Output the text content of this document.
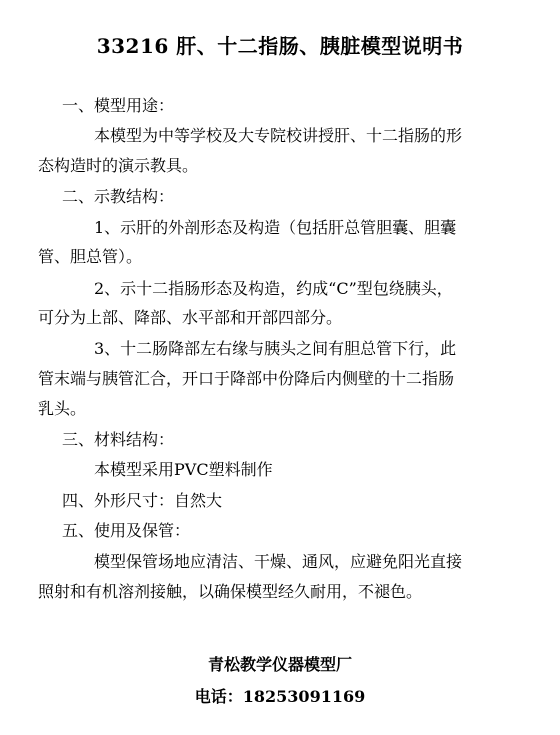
33216 肝、十二指肠、胰脏模型说明书
一、模型用途：
本模型为中等学校及大专院校讲授肝、十二指肠的形
态构造时的演示教具。
二、示教结构：
1、示肝的外剖形态及构造（包括肝总管胆囊、胆囊
管、胆总管）。
2、示十二指肠形态及构造，约成“C”型包绕胰头，
可分为上部、降部、水平部和开部四部分。
3、十二肠降部左右缘与胰头之间有胆总管下行，此
管末端与胰管汇合，开口于降部中份降后内侧壁的十二指肠
乳头。
三、材料结构：
本模型采用PVC塑料制作
四、外形尺寸：自然大
五、使用及保管：
模型保管场地应清洁、干燥、通风，应避免阳光直接
照射和有机溶剂接触，以确保模型经久耐用，不褪色。
青松教学仪器模型厂
电话：18253091169
